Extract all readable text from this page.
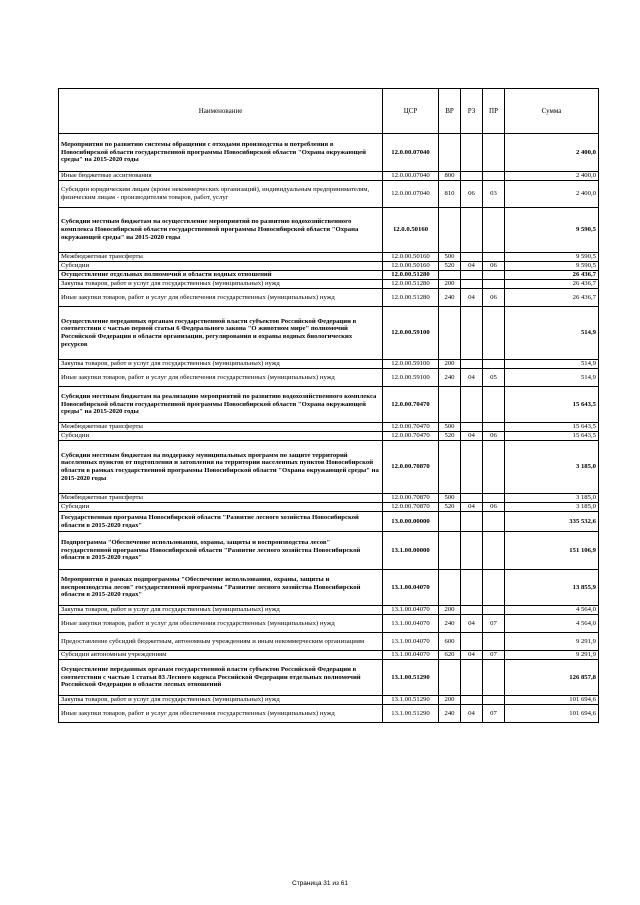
Наименование	ЦСР	ВР	РЗ	ПР	Сумма
Мероприятия по развитию системы обращения с отходами производства и потребления в Новосибирской области государственной программы Новосибирской области "Охрана окружающей среды" на 2015-2020 годы	12.0.00.07040				2 400,0
Иные бюджетные ассигнования	12.0.00.07040	800			2 400,0
Субсидии юридическим лицам (кроме некоммерческих организаций), индивидуальным предпринимателям, физическим лицам - производителям товаров, работ, услуг	12.0.00.07040	810	06	03	2 400,0
Субсидии местным бюджетам на осуществление мероприятий по развитию водохозяйственного комплекса Новосибирской области государственной программы Новосибирской области "Охрана окружающей среды" на 2015-2020 годы	12.0.0.50160				9 590,5
Межбюджетные трансферты	12.0.00.50160	500			9 590,5
Субсидии	12.0.00.50160	520	04	06	9 590,5
Осуществление отдельных полномочий в области водных отношений	12.0.00.51280				26 436,7
Закупка товаров, работ и услуг для государственных (муниципальных) нужд	12.0.00.51280	200			26 436,7
Иные закупки товаров, работ и услуг для обеспечения государственных (муниципальных) нужд	12.0.00.51280	240	04	06	26 436,7
Осуществление переданных органам государственной власти субъектов Российской Федерации в соответствии с частью первой статьи 6 Федерального закона "О животном мире" полномочий Российской Федерации в области организации, регулирования и охраны водных биологических ресурсов	12.0.00.59100				514,9
Закупка товаров, работ и услуг для государственных (муниципальных) нужд	12.0.00.59100	200			514,9
Иные закупки товаров, работ и услуг для обеспечения государственных (муниципальных) нужд	12.0.00.59100	240	04	05	514,9
Субсидии местным бюджетам на реализацию мероприятий по развитию водохозяйственного комплекса Новосибирской области государственной программы Новосибирской области "Охрана окружающей среды" на 2015-2020 годы	12.0.00.70470				15 643,5
Межбюджетные трансферты	12.0.00.70470	500			15 643,5
Субсидии	12.0.00.70470	520	04	06	15 643,5
Субсидии местным бюджетам на поддержку муниципальных программ по защите территорий населенных пунктов от подтопления и затопления на территории населенных пунктов Новосибирской области в рамках государственной программы Новосибирской области "Охрана окружающей среды" на 2015-2020 годы	12.0.00.70870				3 185,0
Межбюджетные трансферты	12.0.00.70870	500			3 185,0
Субсидии	12.0.00.70870	520	04	06	3 185,0
Государственная программа Новосибирской области "Развитие лесного хозяйства Новосибирской области в 2015-2020 годах"	13.0.00.00000				335 532,6
Подпрограмма "Обеспечение использования, охраны, защиты и воспроизводства лесов" государственной программы Новосибирской области "Развитие лесного хозяйства Новосибирской области в 2015-2020 годах"	13.1.00.00000				151 106,9
Мероприятия в рамках подпрограммы "Обеспечение использования, охраны, защиты и воспроизводства лесов" государственной программы "Развитие лесного хозяйства Новосибирской области в 2015-2020 годах"	13.1.00.04070				13 855,9
Закупка товаров, работ и услуг для государственных (муниципальных) нужд	13.1.00.04070	200			4 564,0
Иные закупки товаров, работ и услуг для обеспечения государственных (муниципальных) нужд	13.1.00.04070	240	04	07	4 564,0
Предоставление субсидий бюджетным, автономным учреждениям и иным некоммерческим организациям	13.1.00.04070	600			9 291,9
Субсидии автономным учреждениям	13.1.00.04070	620	04	07	9 291,9
Осуществление переданных органам государственной власти субъектов Российской Федерации в соответствии с частью 1 статьи 83 Лесного кодекса Российской Федерации отдельных полномочий Российской Федерации в области лесных отношений	13.1.00.51290				126 857,8
Закупка товаров, работ и услуг для государственных (муниципальных) нужд	13.1.00.51290	200			101 694,6
Иные закупки товаров, работ и услуг для обеспечения государственных (муниципальных) нужд	13.1.00.51290	240	04	07	101 694,6
Страница 31 из 61
